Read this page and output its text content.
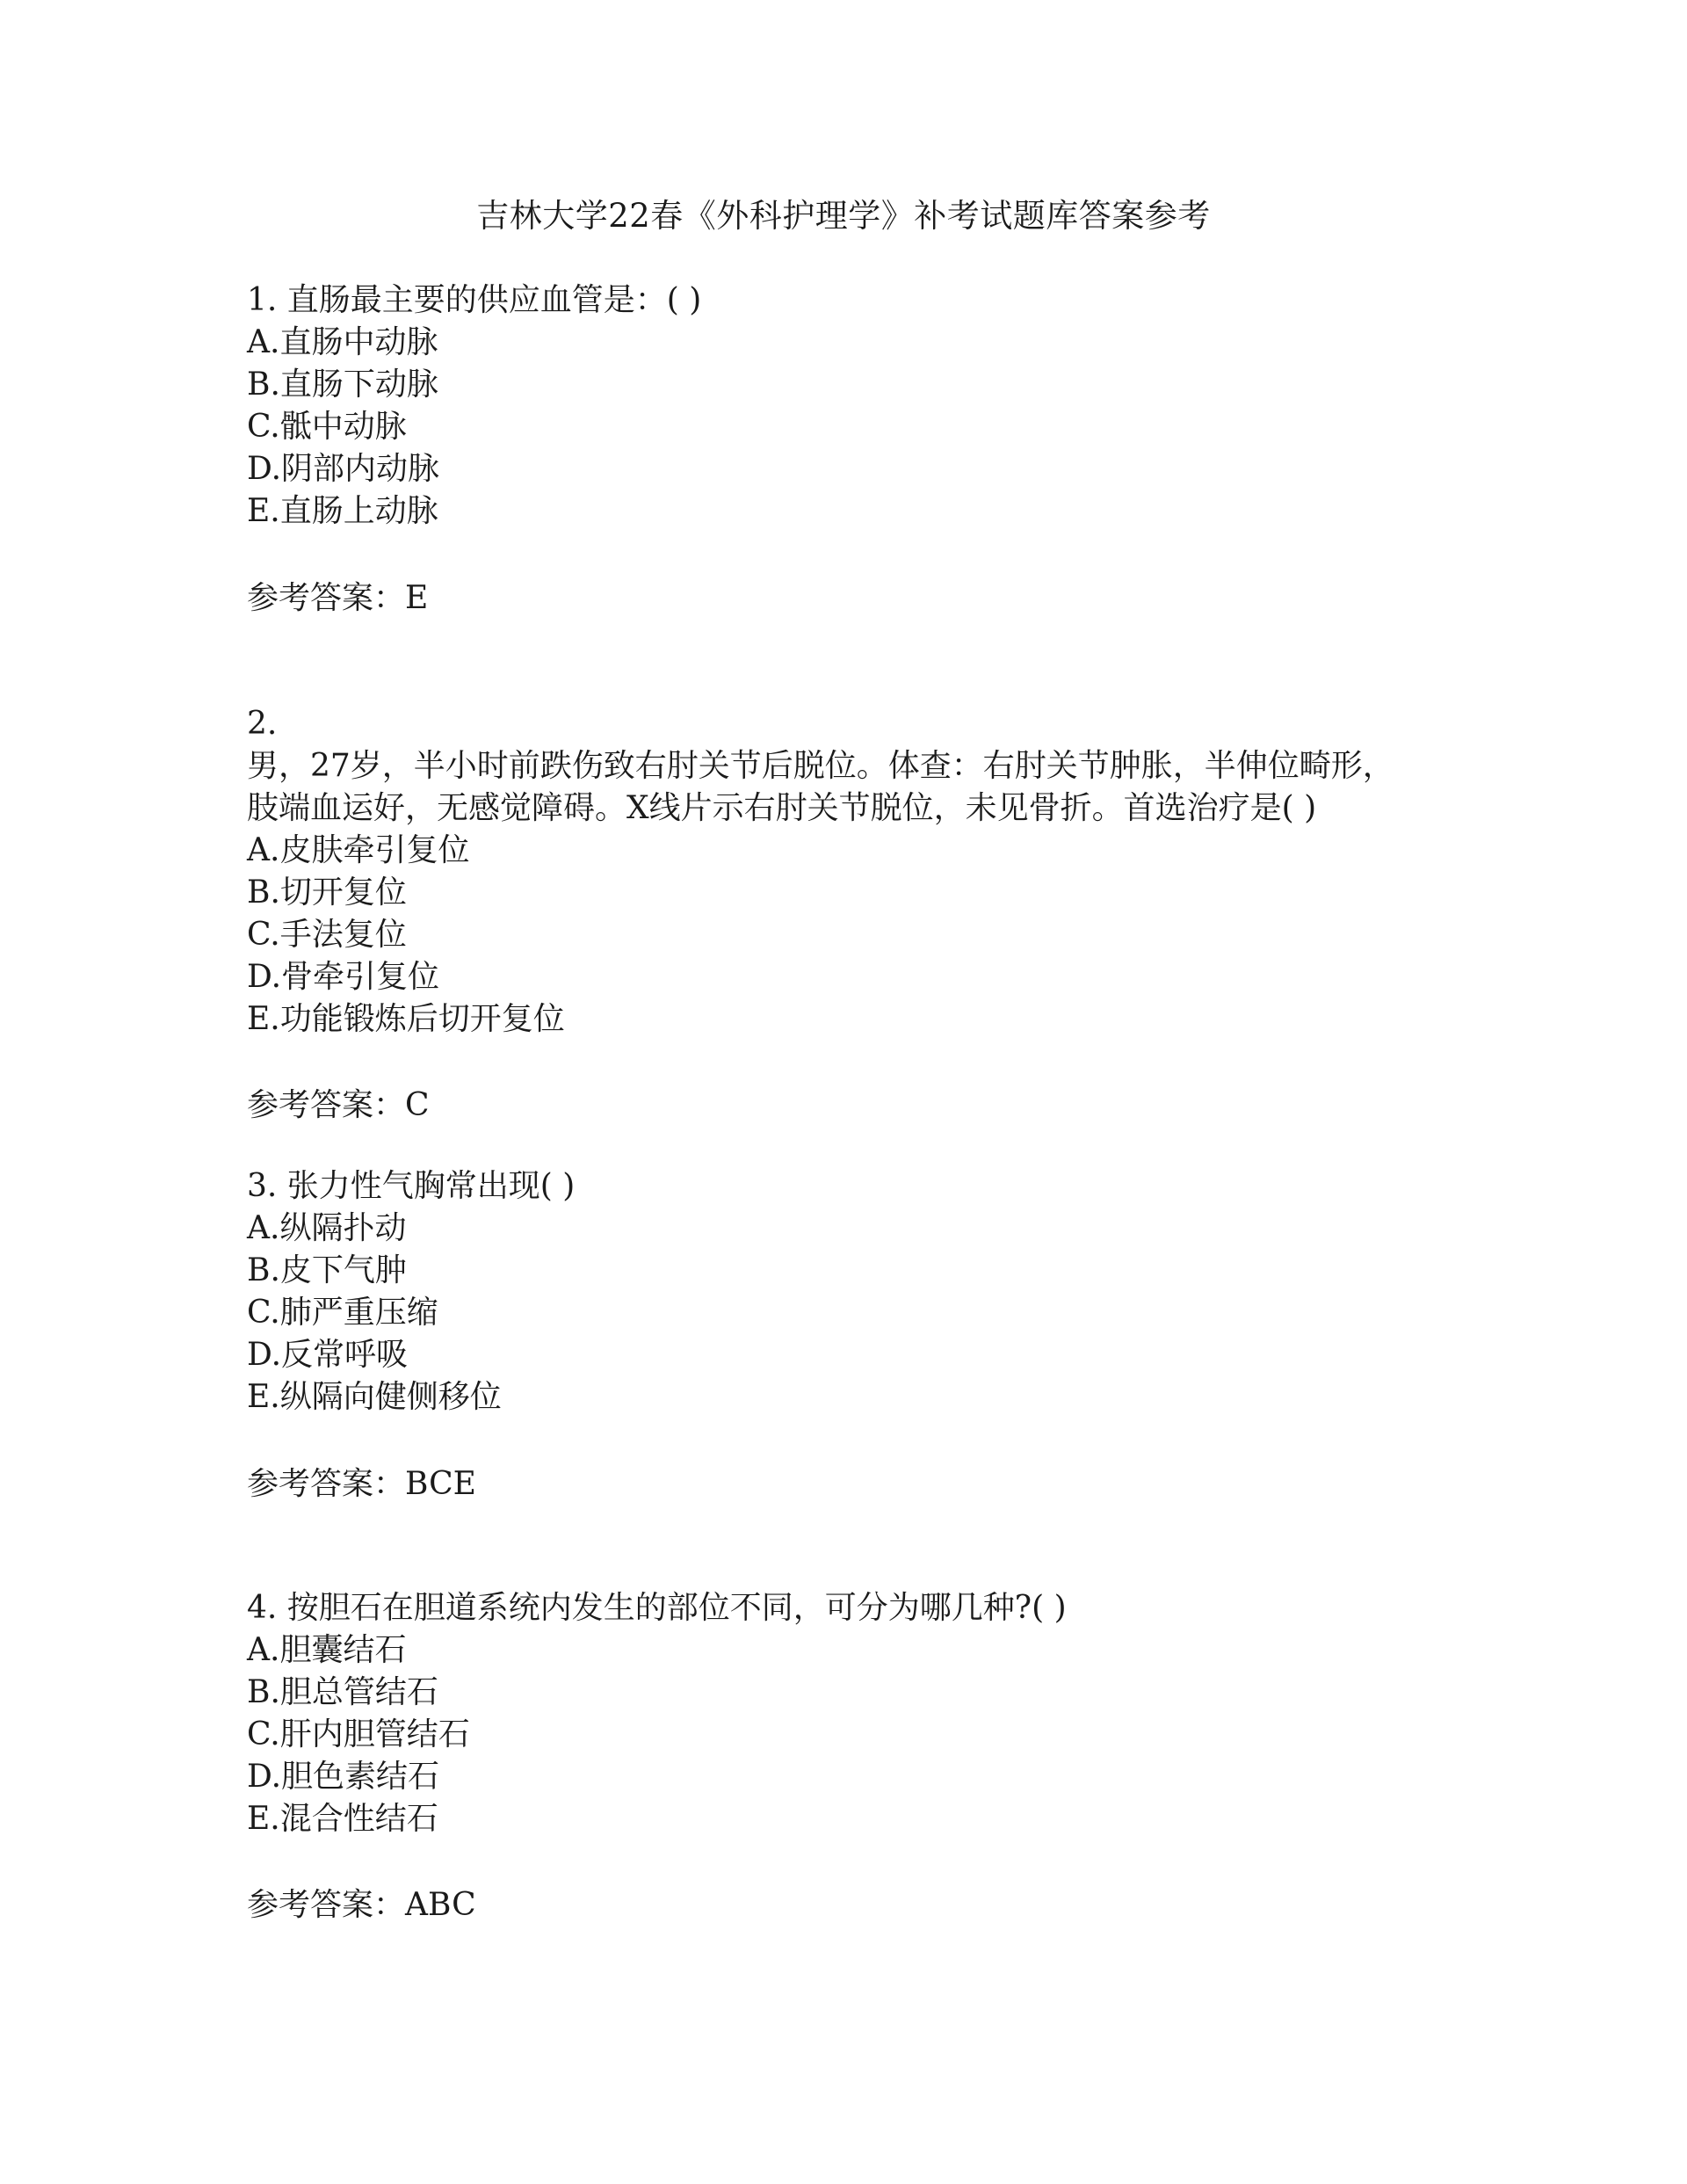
吉林大学22春《外科护理学》补考试题库答案参考
1. 直肠最主要的供应血管是：( )
A.直肠中动脉
B.直肠下动脉
C.骶中动脉
D.阴部内动脉
E.直肠上动脉
参考答案：E
2.
男，27岁，半小时前跌伤致右肘关节后脱位。体查：右肘关节肿胀，半伸位畸形，
肢端血运好，无感觉障碍。X线片示右肘关节脱位，未见骨折。首选治疗是( )
A.皮肤牵引复位
B.切开复位
C.手法复位
D.骨牵引复位
E.功能锻炼后切开复位
参考答案：C
3. 张力性气胸常出现( )
A.纵隔扑动
B.皮下气肿
C.肺严重压缩
D.反常呼吸
E.纵隔向健侧移位
参考答案：BCE
4. 按胆石在胆道系统内发生的部位不同，可分为哪几种?( )
A.胆囊结石
B.胆总管结石
C.肝内胆管结石
D.胆色素结石
E.混合性结石
参考答案：ABC
